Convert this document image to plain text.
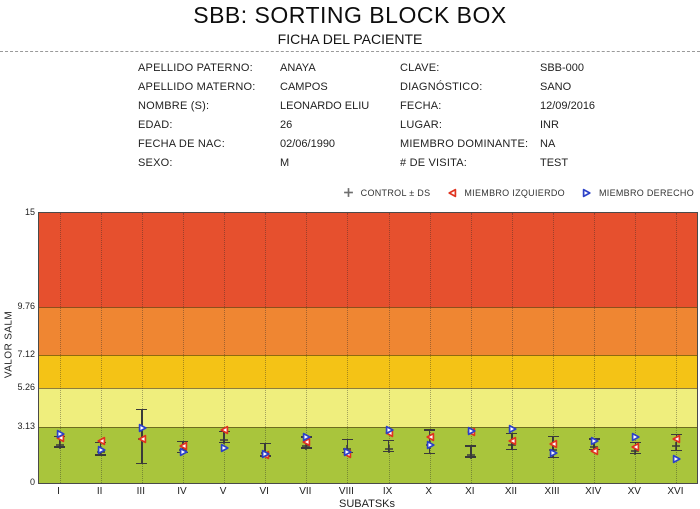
SBB: SORTING BLOCK BOX
FICHA DEL PACIENTE
APELLIDO PATERNO: ANAYA
APELLIDO MATERNO: CAMPOS
NOMBRE (S):	LEONARDO ELIU
EDAD:	26
FECHA DE NAC:	02/06/1990
SEXO:	M
CLAVE:	SBB-000
DIAGNÓSTICO:	SANO
FECHA:	12/09/2016
LUGAR:	INR
MIEMBRO DOMINANTE: NA
# DE VISITA:	TEST
CONTROL ± DS	MIEMBRO IZQUIERDO	MIEMBRO DERECHO
VALOR SALM
SUBATSKs
0
3.13
5.26
7.12
9.76
15
I	II	III	IV	V	VI	VII	VIII	IX	X	XI	XII	XIII	XIV	XV	XVI
